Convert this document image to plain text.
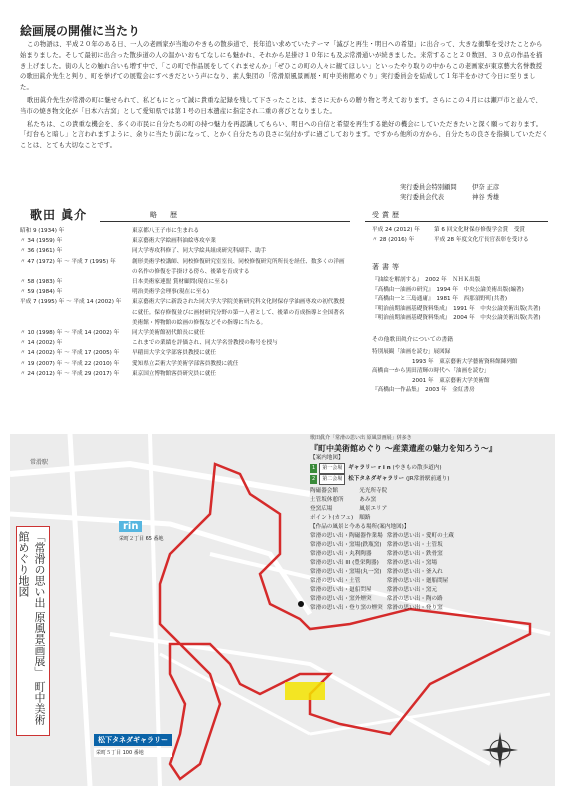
絵画展の開催に当たり

この物語は、平成２０年のある日、一人の老画家が当地のやきもの散歩道で、長年追い求めていたテーマ「滅びと再生・明日への希望」に出合って、大きな衝撃を受けたことから始まりました。そして最初に出合った散歩道の人の温かいおもてなしにも魅かれ、それから足掛け１０年にも及ぶ常滑通いが続きました。来常すること２０数回、３０点の作品を描き上げました。街の人との触れ合いも増す中で、「この町で作品展をしてくれませんか」「ぜひこの町の人々に観てほしい」といったやり取りの中からこの老画家が東京藝大名誉教授の歌田眞介先生と判り、町を挙げての展覧会にすべきだという声になり、素人集団の「常滑原風景画展・町中美術館めぐり」実行委員会を結成して１年半をかけて今日に至りました。

歌田眞介先生が常滑の町に魅せられて、私どもにとって誠に貴重な記録を残して下さったことは、まさに天からの贈り物と考えております。さらにこの４月には瀬戸市と並んで、当市の焼き物文化が「日本六古窯」として愛知県では第１号の日本遺産に指定され二重の喜びとなりました。

私たちは、この貴重な機会を、多くの市民に自分たちの町の持つ魅力を再認識してもらい、明日への自信と希望を再生する絶好の機会にしていただきたいと深く願っております。「灯台もと暗し」と言われますように、余りに当たり前になって、とかく自分たちの良さに気付かずに過ごしております。ですから他所の方から、自分たちの良さを指摘していただくことは、とても大切なことです。

実行委員会特別顧問 伊奈 正彦
実行委員会代表	神谷 秀雄
歌田 眞介	略　歴	受賞歴
昭和 9 (1934) 年	東京都八王子市に生まれる
〃 34 (1959) 年	東京藝術大学絵画科油絵専攻卒業
〃 36 (1961) 年	同大学専攻科修了、同大学絵具組成研究科副手、助手
〃 47 (1972) 年 ～ 平成 7 (1995) 年	創形美術学校講師、同校修復研究室室長、同校修復研究所所長を経任、数多くの洋画の名作の修復を手掛ける傍ら、後輩を育成する
〃 58 (1983) 年	日本美術家連盟 賞材顧問(現在に至る)
〃 59 (1984) 年	明治美術学会理事(現在に至る)
平成 7 (1995) 年 ～ 平成 14 (2002) 年	東京藝術大学に新設された同大学大学院美術研究科文化財保存学油画専攻の初代教授に就任。保存修復並びに画材研究分野の第一人者として、後輩の育成指導と全国著名美術館・博物館の絵画の修復などその指導に当たる。
〃 10 (1998) 年 ～ 平成 14 (2002) 年	同大学美術館初代館長に就任
〃 14 (2002) 年	これまでの業績を評価され、同大学名誉教授の称号を授与
〃 14 (2002) 年 ～ 平成 17 (2005) 年	早稲田大学文学部客員教授に就任
〃 19 (2007) 年 ～ 平成 22 (2010) 年	愛知県立芸術大学美術学部客員教授に就任
〃 24 (2012) 年 ～ 平成 29 (2017) 年	東京国立博物館客員研究員に就任
平成 24 (2012) 年	第 6 回文化財保存修復学会賞　受賞
〃 28 (2016) 年	平成 28 年度文化庁長官表彰を受ける
著書等
『油絵を解剖する』　2002 年　ＮＨＫ出版
『高橋由一油画の研究』　1994 年　中央公論美術出版(編著)
『高橋由一と三島通庸』　1981 年　西那須野町(共著)
『明治前期油画基礎資料集成』　1991 年　中央公論美術出版(共著)
『明治前期油画基礎資料集成』　2004 年　中央公論美術出版(共著)
その他歌田眞介についての書籍
特別展観「油画を読む」展図録
1993 年　東京藝術大学藝術資料館陳列館
高橋由一から黒田清輝の時代へ「油画を読む」
2001 年　東京藝術大学美術館
『高橋由一作品集』　2003 年　金紅書房
常滑駅
「常滑の思い出 原風景画展」 町中美術館めぐり地図
rin
栄町２丁目 65 番地
松下タネダギャラリー
栄町５丁目 100 番地
歌田眞介「常滑の思い出 原風景画展」併多き
『町中美術館めぐり ～産業遺産の魅力を知ろう～』
【案内地図】
1 第一会場 ギャラリー r i n (やきもの散歩道内)
2 第二会場 松下タネダギャラリー (JR常滑駅前通り)
陶磁器会館
土管坂休憩所
登窯広場
ポイント(カフェ)
光光所寺院
あみ窯
風景エリア
順路
【作品の風景と今ある場所(案内地図)】
常滑の思い出・陶磁器作業場
常滑の思い出・窯場(鉄瓶窯)
常滑の思い出・丸利陶器
常滑の思い出 III (豊栄陶器)
常滑の思い出・窯場(丸一窯)
常滑の思い出・土管
常滑の思い出・廻船問屋
常滑の思い出・窯外煙突
常滑の思い出・登り窯の煙突
常滑の思い出・愛町の土蔵
常滑の思い出・土管坂
常滑の思い出・鉄骨窯
常滑の思い出・窯場
常滑の思い出・釜入れ
常滑の思い出・廻船問屋
常滑の思い出・窯元
常滑の思い出・陶の路
常滑の思い出・登り窯
